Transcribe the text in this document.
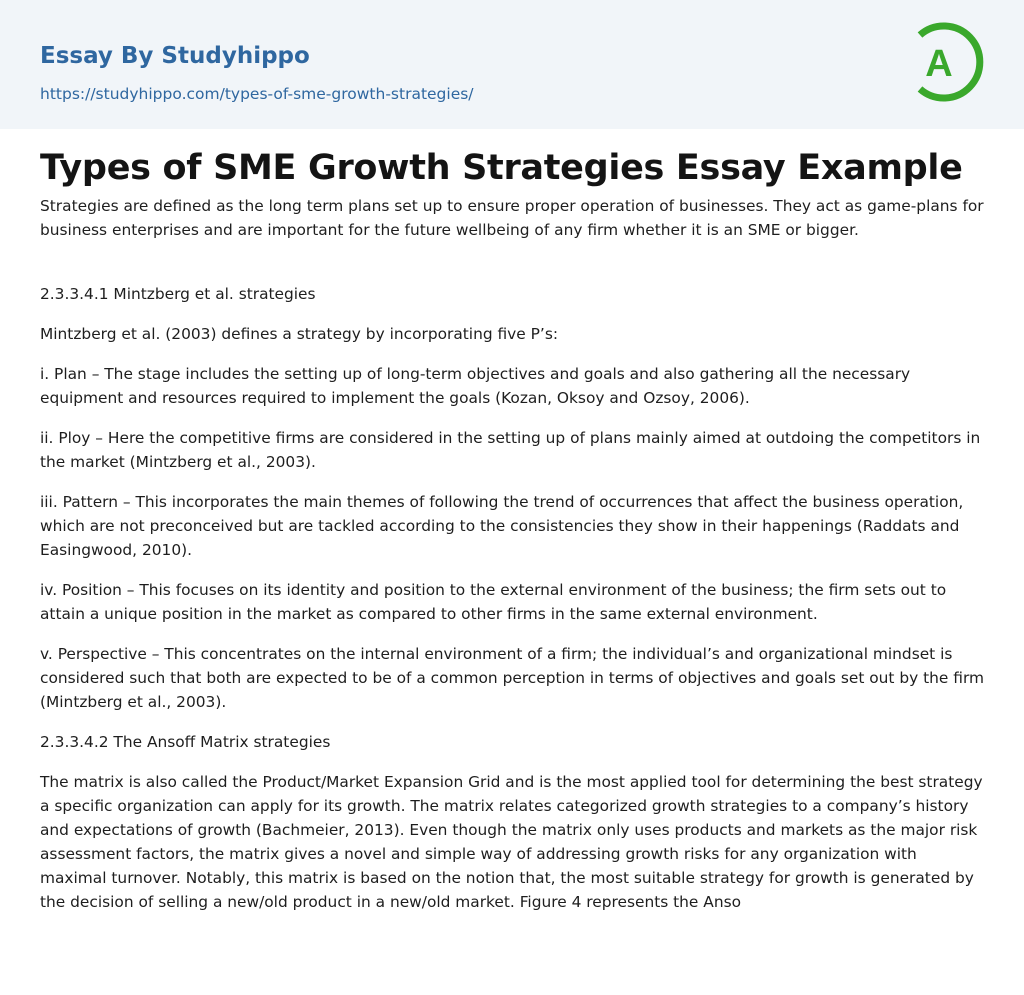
Essay By Studyhippo
https://studyhippo.com/types-of-sme-growth-strategies/
A
Types of SME Growth Strategies Essay Example

Strategies are defined as the long term plans set up to ensure proper operation of businesses. They act as game-plans for business enterprises and are important for the future wellbeing of any firm whether it is an SME or bigger.

2.3.3.4.1 Mintzberg et al. strategies

Mintzberg et al. (2003) defines a strategy by incorporating five P’s:

i. Plan – The stage includes the setting up of long-term objectives and goals and also gathering all the necessary equipment and resources required to implement the goals (Kozan, Oksoy and Ozsoy, 2006).

ii. Ploy – Here the competitive firms are considered in the setting up of plans mainly aimed at outdoing the competitors in the market (Mintzberg et al., 2003).

iii. Pattern – This incorporates the main themes of following the trend of occurrences that affect the business operation, which are not preconceived but are tackled according to the consistencies they show in their happenings (Raddats and Easingwood, 2010).

iv. Position – This focuses on its identity and position to the external environment of the business; the firm sets out to attain a unique position in the market as compared to other firms in the same external environment.

v. Perspective – This concentrates on the internal environment of a firm; the individual’s and organizational mindset is considered such that both are expected to be of a common perception in terms of objectives and goals set out by the firm (Mintzberg et al., 2003).

2.3.3.4.2 The Ansoff Matrix strategies

The matrix is also called the Product/Market Expansion Grid and is the most applied tool for determining the best strategy a specific organization can apply for its growth. The matrix relates categorized growth strategies to a company’s history and expectations of growth (Bachmeier, 2013). Even though the matrix only uses products and markets as the major risk assessment factors, the matrix gives a novel and simple way of addressing growth risks for any organization with maximal turnover. Notably, this matrix is based on the notion that, the most suitable strategy for growth is generated by the decision of selling a new/old product in a new/old market. Figure 4 represents the Anso
